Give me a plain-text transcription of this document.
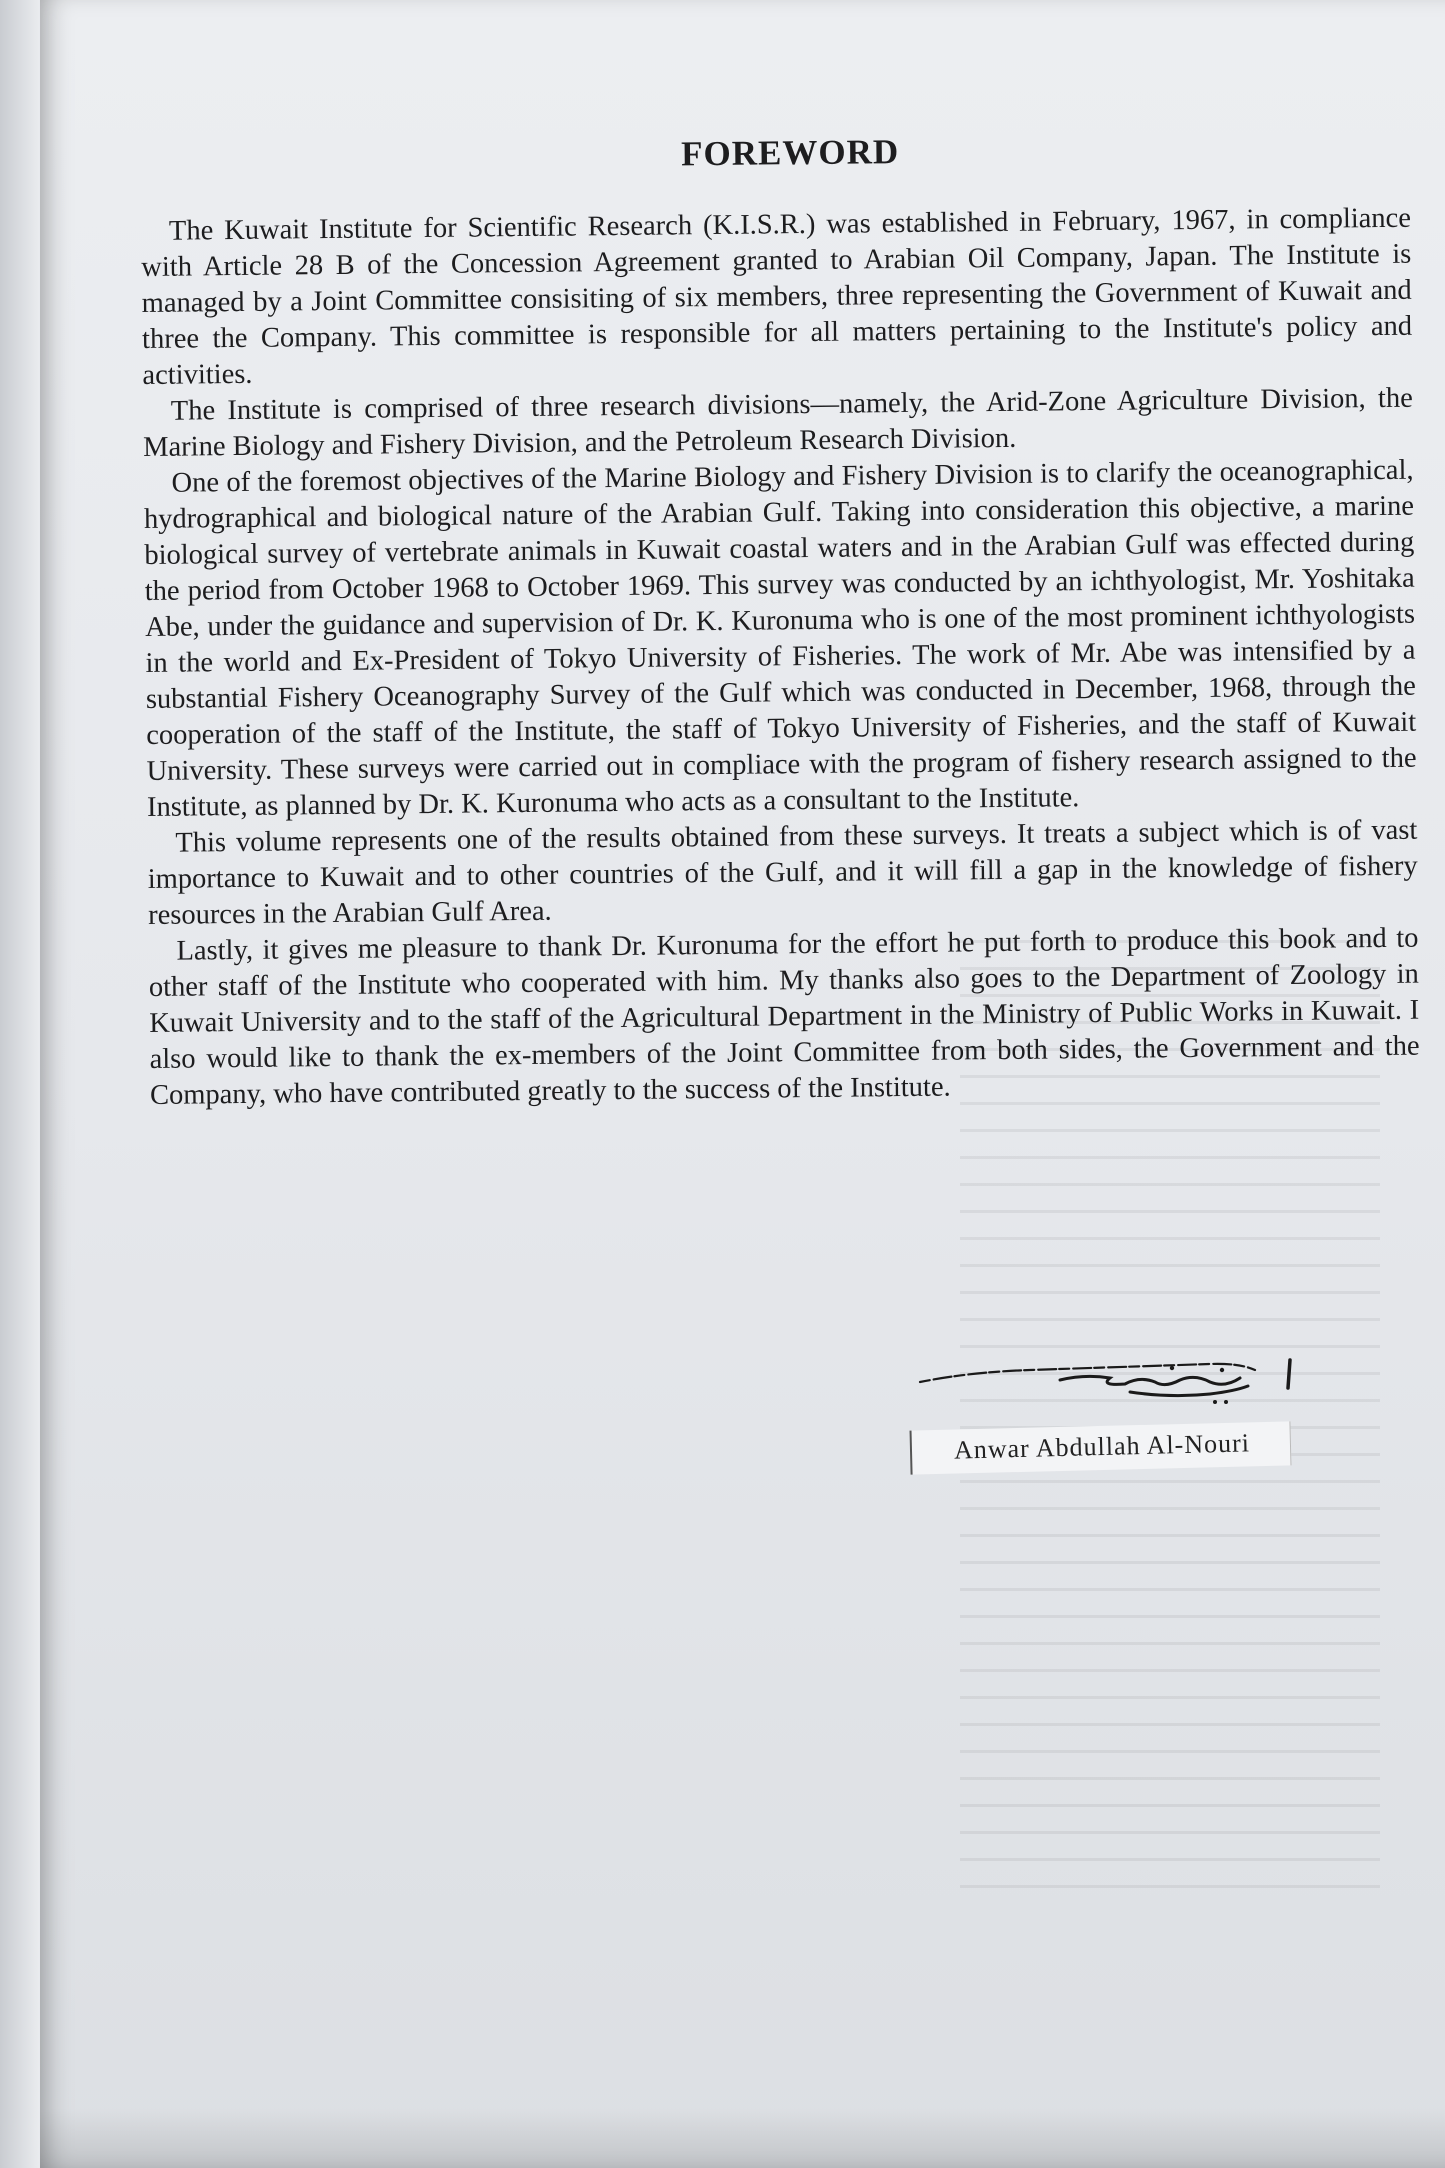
FOREWORD

The Kuwait Institute for Scientific Research (K.I.S.R.) was established in February, 1967, in compliance with Article 28 B of the Concession Agreement granted to Arabian Oil Company, Japan. The Institute is managed by a Joint Committee consisiting of six members, three representing the Government of Kuwait and three the Company. This committee is responsible for all matters pertaining to the Institute's policy and activities.

The Institute is comprised of three research divisions—namely, the Arid-Zone Agriculture Division, the Marine Biology and Fishery Division, and the Petroleum Research Division.

One of the foremost objectives of the Marine Biology and Fishery Division is to clarify the oceanographical, hydrographical and biological nature of the Arabian Gulf. Taking into consideration this objective, a marine biological survey of vertebrate animals in Kuwait coastal waters and in the Arabian Gulf was effected during the period from October 1968 to October 1969. This survey was conducted by an ichthyologist, Mr. Yoshitaka Abe, under the guidance and supervision of Dr. K. Kuronuma who is one of the most prominent ichthyologists in the world and Ex-President of Tokyo University of Fisheries. The work of Mr. Abe was intensified by a substantial Fishery Oceanography Survey of the Gulf which was conducted in December, 1968, through the cooperation of the staff of the Institute, the staff of Tokyo University of Fisheries, and the staff of Kuwait University. These surveys were carried out in compliace with the program of fishery research assigned to the Institute, as planned by Dr. K. Kuronuma who acts as a consultant to the Institute.

This volume represents one of the results obtained from these surveys. It treats a subject which is of vast importance to Kuwait and to other countries of the Gulf, and it will fill a gap in the knowledge of fishery resources in the Arabian Gulf Area.

Lastly, it gives me pleasure to thank Dr. Kuronuma for the effort he put forth to produce this book and to other staff of the Institute who cooperated with him. My thanks also goes to the Department of Zoology in Kuwait University and to the staff of the Agricultural Department in the Ministry of Public Works in Kuwait. I also would like to thank the ex-members of the Joint Committee from both sides, the Government and the Company, who have contributed greatly to the success of the Institute.

Anwar Abdullah Al-Nouri
